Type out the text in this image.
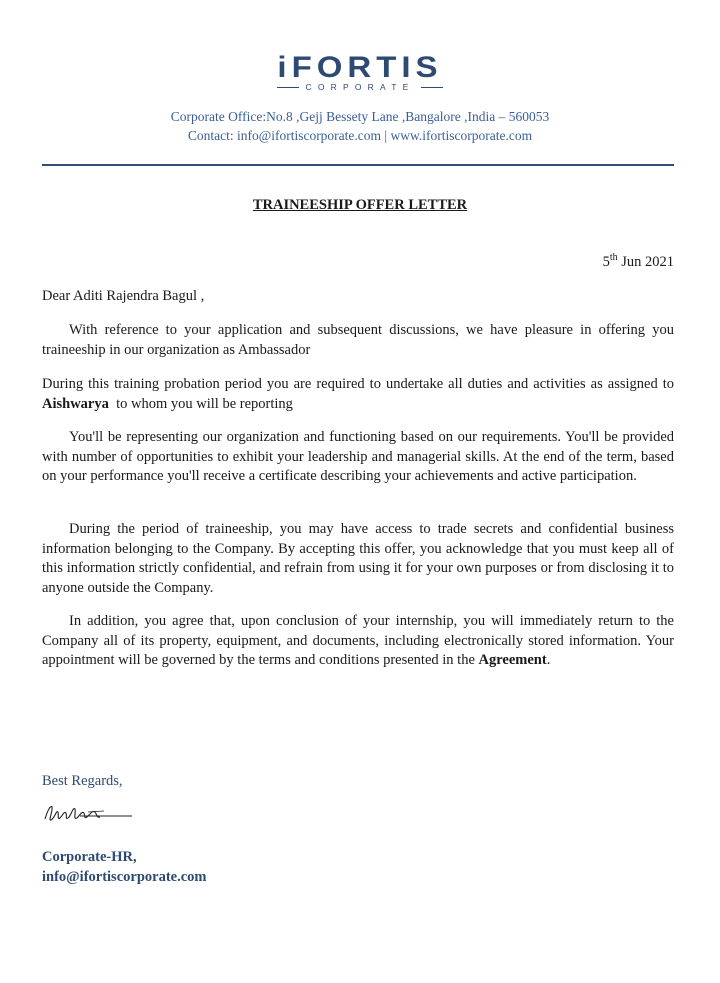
iFORTIS
CORPORATE
Corporate Office:No.8 ,Gejj Bessety Lane ,Bangalore ,India – 560053
Contact: info@ifortiscorporate.com | www.ifortiscorporate.com
TRAINEESHIP OFFER LETTER
5th Jun 2021
Dear Aditi Rajendra Bagul ,

With reference to your application and subsequent discussions, we have pleasure in offering you traineeship in our organization as Ambassador

During this training probation period you are required to undertake all duties and activities as assigned to Aishwarya  to whom you will be reporting

You'll be representing our organization and functioning based on our requirements. You'll be provided with number of opportunities to exhibit your leadership and managerial skills. At the end of the term, based on your performance you'll receive a certificate describing your achievements and active participation.

During the period of traineeship, you may have access to trade secrets and confidential business information belonging to the Company. By accepting this offer, you acknowledge that you must keep all of this information strictly confidential, and refrain from using it for your own purposes or from disclosing it to anyone outside the Company.

In addition, you agree that, upon conclusion of your internship, you will immediately return to the Company all of its property, equipment, and documents, including electronically stored information. Your appointment will be governed by the terms and conditions presented in the Agreement.

Best Regards,
Corporate-HR,
info@ifortiscorporate.com
